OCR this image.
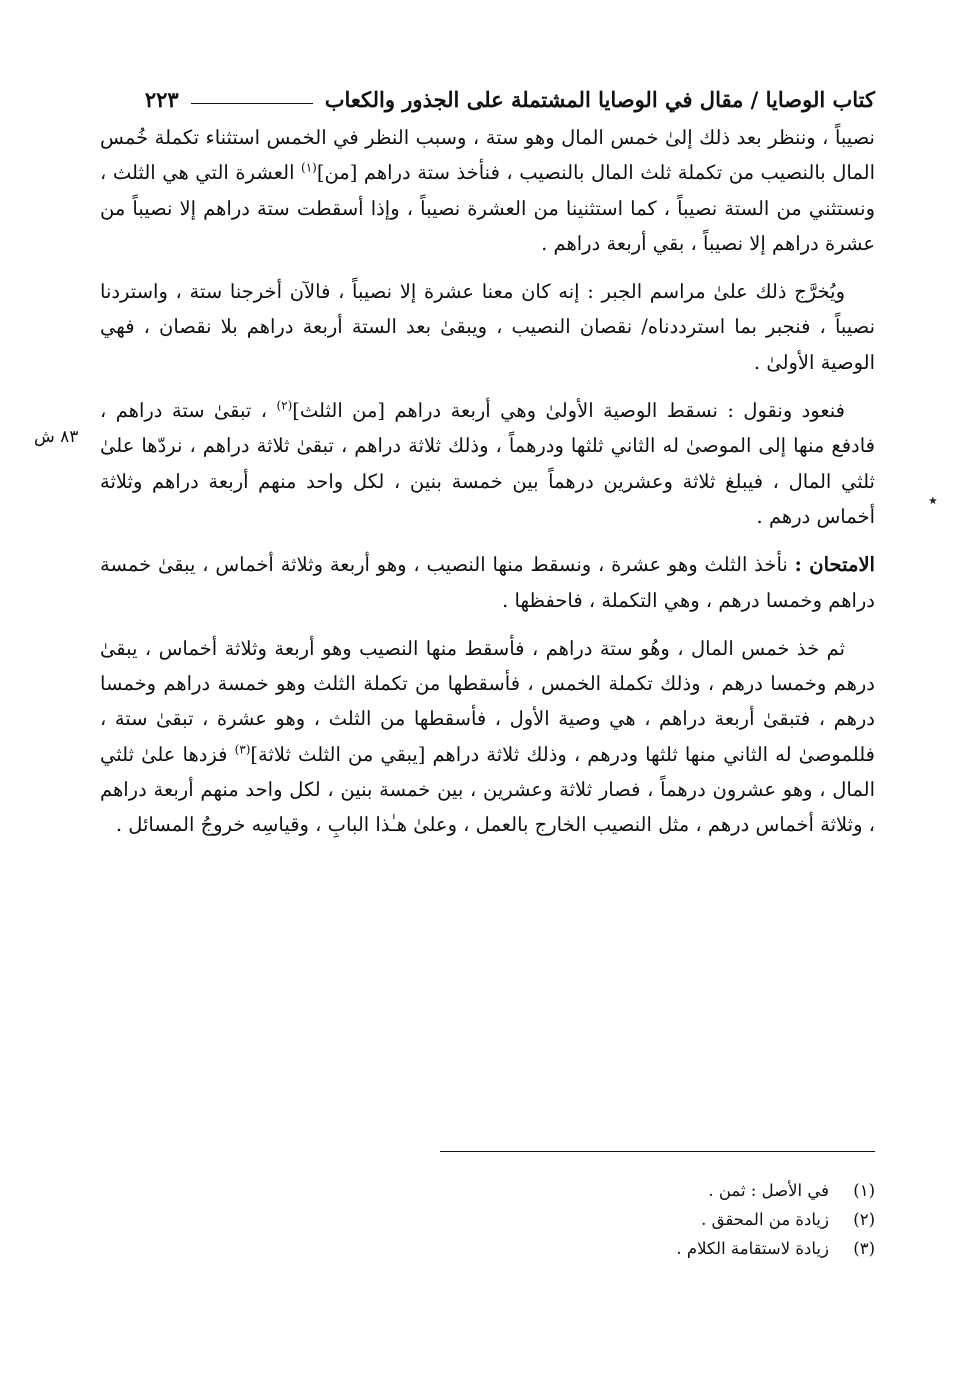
كتاب الوصايا / مقال في الوصايا المشتملة على الجذور والكعاب
٢٢٣

نصيباً ، وننظر بعد ذلك إلىٰ خمس المال وهو ستة ، وسبب النظر في الخمس استثناء تكملة خُمس المال بالنصيب من تكملة ثلث المال بالنصيب ، فنأخذ ستة دراهم [من]$^{(١)}$ العشرة التي هي الثلث ، ونستثني من الستة نصيباً ، كما استثنينا من العشرة نصيباً ، وإذا أسقطت ستة دراهم إلا نصيباً من عشرة دراهم إلا نصيباً ، بقي أربعة دراهم .

ويُخرَّج ذلك علىٰ مراسم الجبر : إنه كان معنا عشرة إلا نصيباً ، فالآن أخرجنا ستة ، واستردنا نصيباً ، فنجبر بما استرددناه/ نقصان النصيب ، ويبقىٰ بعد الستة أربعة دراهم بلا نقصان ، فهي الوصية الأولىٰ .

فنعود ونقول : نسقط الوصية الأولىٰ وهي أربعة دراهم [من الثلث]$^{(٢)}$ ، تبقىٰ ستة دراهم ، فادفع منها إلى الموصىٰ له الثاني ثلثها ودرهماً ، وذلك ثلاثة دراهم ، تبقىٰ ثلاثة دراهم ، نردّها علىٰ ثلثي المال ، فيبلغ ثلاثة وعشرين درهماً بين خمسة بنين ، لكل واحد منهم أربعة دراهم وثلاثة أخماس درهم .

الامتحان : نأخذ الثلث وهو عشرة ، ونسقط منها النصيب ، وهو أربعة وثلاثة أخماس ، يبقىٰ خمسة دراهم وخمسا درهم ، وهي التكملة ، فاحفظها .

ثم خذ خمس المال ، وهُو ستة دراهم ، فأسقط منها النصيب وهو أربعة وثلاثة أخماس ، يبقىٰ درهم وخمسا درهم ، وذلك تكملة الخمس ، فأسقطها من تكملة الثلث وهو خمسة دراهم وخمسا درهم ، فتبقىٰ أربعة دراهم ، هي وصية الأول ، فأسقطها من الثلث ، وهو عشرة ، تبقىٰ ستة ، فللموصىٰ له الثاني منها ثلثها ودرهم ، وذلك ثلاثة دراهم [يبقي من الثلث ثلاثة]$^{(٣)}$ فزدها علىٰ ثلثي المال ، وهو عشرون درهماً ، فصار ثلاثة وعشرين ، بين خمسة بنين ، لكل واحد منهم أربعة دراهم ، وثلاثة أخماس درهم ، مثل النصيب الخارج بالعمل ، وعلىٰ هـٰذا البابِ ، وقياسِه خروجُ المسائل .

٨٣ ش
٭
(١)
في الأصل : ثمن .
(٢)
زيادة من المحقق .
(٣)
زيادة لاستقامة الكلام .
